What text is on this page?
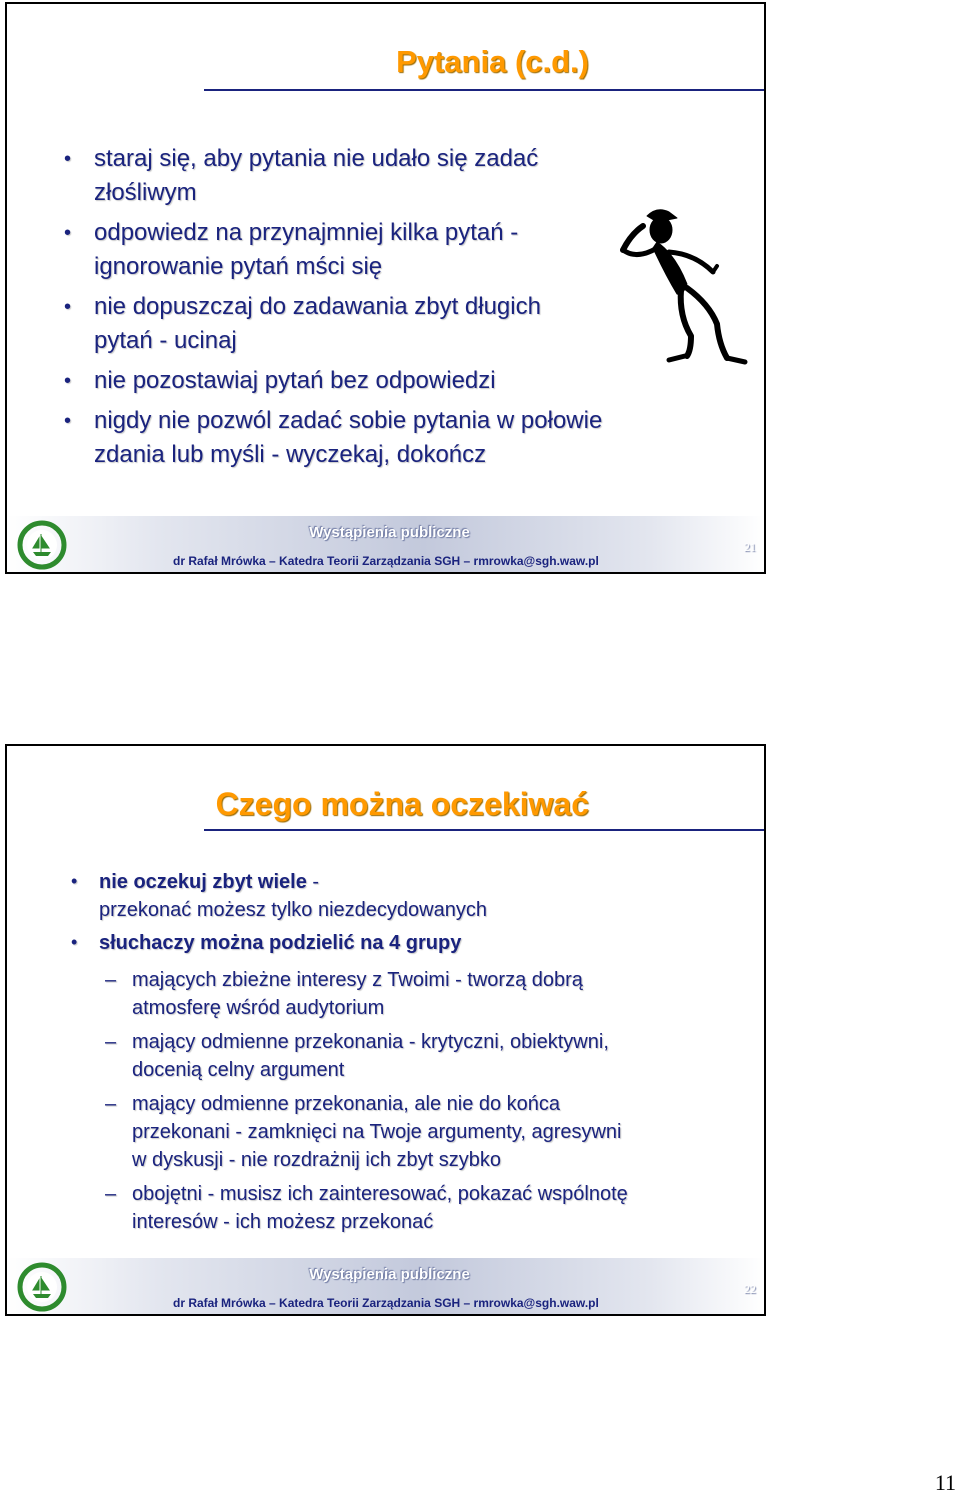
Pytania (c.d.)
• staraj się, aby pytania nie udało się zadać
złośliwym
• odpowiedz na przynajmniej kilka pytań -
ignorowanie pytań mści się
• nie dopuszczaj do zadawania zbyt długich
pytań - ucinaj
• nie pozostawiaj pytań bez odpowiedzi
• nigdy nie pozwól zadać sobie pytania w połowie
zdania lub myśli - wyczekaj, dokończ
Wystąpienia publiczne
dr Rafał Mrówka – Katedra Teorii Zarządzania SGH – rmrowka@sgh.waw.pl
21
Czego można oczekiwać
• nie oczekuj zbyt wiele -
przekonać możesz tylko niezdecydowanych
• słuchaczy można podzielić na 4 grupy
– mających zbieżne interesy z Twoimi - tworzą dobrą
atmosferę wśród audytorium
– mający odmienne przekonania - krytyczni, obiektywni,
docenią celny argument
– mający odmienne przekonania, ale nie do końca
przekonani - zamknięci na Twoje argumenty, agresywni
w dyskusji - nie rozdrażnij ich zbyt szybko
– obojętni - musisz ich zainteresować, pokazać wspólnotę
interesów - ich możesz przekonać
Wystąpienia publiczne
dr Rafał Mrówka – Katedra Teorii Zarządzania SGH – rmrowka@sgh.waw.pl
22
11
